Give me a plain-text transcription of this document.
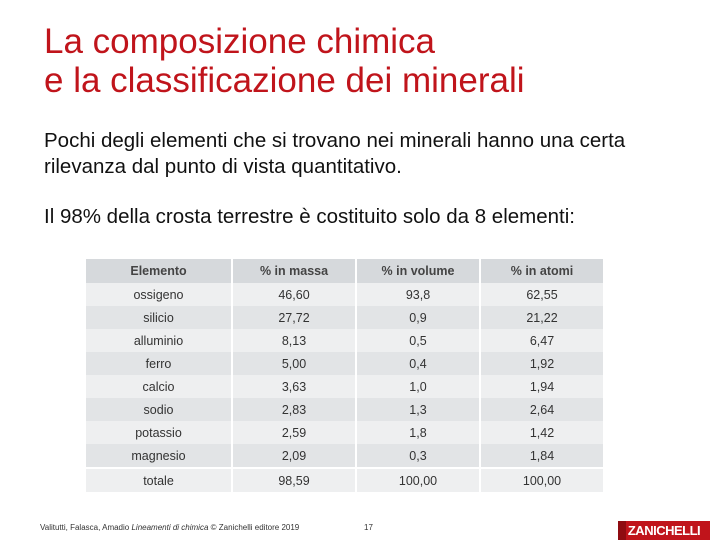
La composizione chimica
e la classificazione dei minerali
Pochi degli elementi che si trovano nei minerali hanno una certa rilevanza dal punto di vista quantitativo.
Il 98% della crosta terrestre è costituito solo da 8 elementi:
Elemento	% in massa	% in volume	% in atomi
ossigeno	46,60	93,8	62,55
silicio	27,72	0,9	21,22
alluminio	8,13	0,5	6,47
ferro	5,00	0,4	1,92
calcio	3,63	1,0	1,94
sodio	2,83	1,3	2,64
potassio	2,59	1,8	1,42
magnesio	2,09	0,3	1,84
totale	98,59	100,00	100,00
Valitutti, Falasca, Amadio Lineamenti di chimica © Zanichelli editore 2019	17	ZANICHELLI
